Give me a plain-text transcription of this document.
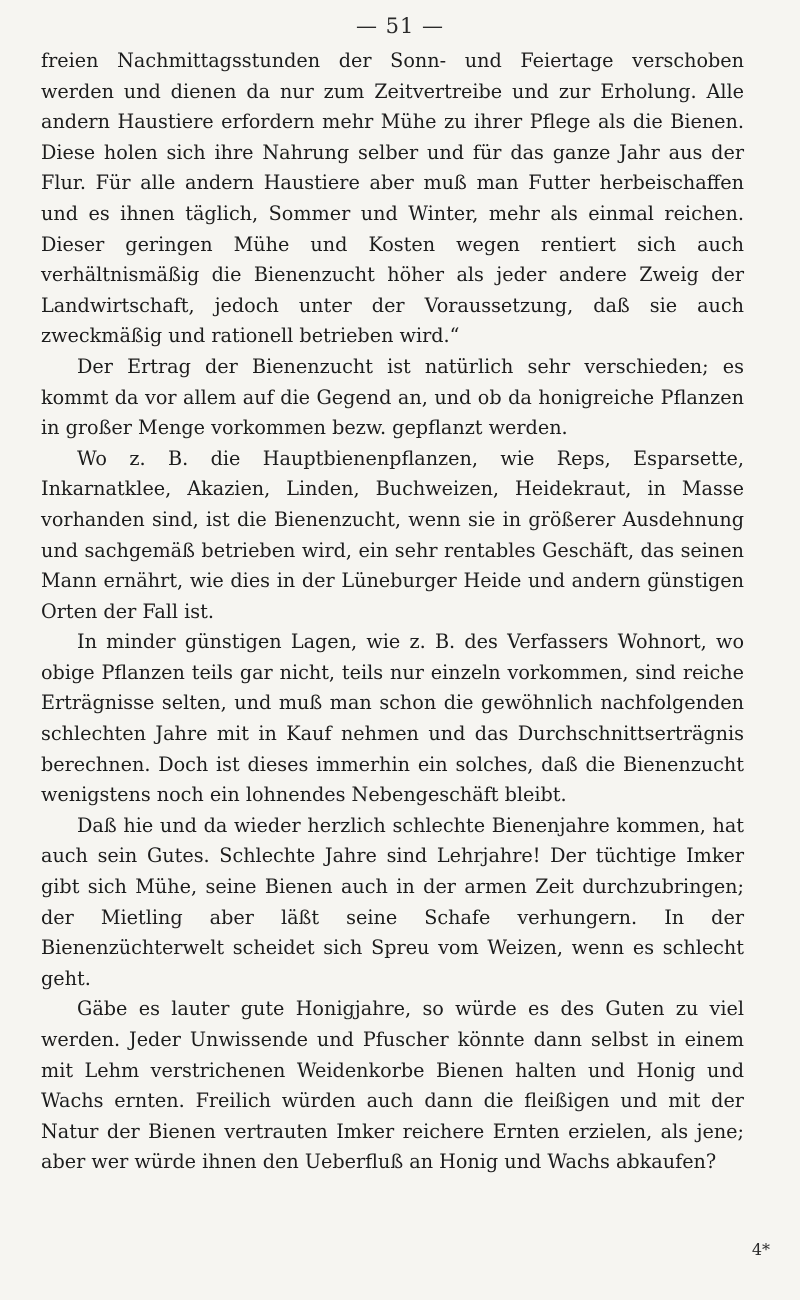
— 51 —

freien Nachmittagsstunden der Sonn- und Feiertage verschoben werden und dienen da nur zum Zeitvertreibe und zur Erholung. Alle andern Haustiere erfordern mehr Mühe zu ihrer Pflege als die Bienen. Diese holen sich ihre Nahrung selber und für das ganze Jahr aus der Flur. Für alle andern Haustiere aber muß man Futter herbeischaffen und es ihnen täglich, Sommer und Winter, mehr als einmal reichen. Dieser geringen Mühe und Kosten wegen rentiert sich auch verhältnismäßig die Bienenzucht höher als jeder andere Zweig der Landwirtschaft, jedoch unter der Voraussetzung, daß sie auch zweckmäßig und rationell betrieben wird.“

Der Ertrag der Bienenzucht ist natürlich sehr verschieden; es kommt da vor allem auf die Gegend an, und ob da honigreiche Pflanzen in großer Menge vorkommen bezw. gepflanzt werden.

Wo z. B. die Hauptbienenpflanzen, wie Reps, Esparsette, Inkarnatklee, Akazien, Linden, Buchweizen, Heidekraut, in Masse vorhanden sind, ist die Bienenzucht, wenn sie in größerer Ausdehnung und sachgemäß betrieben wird, ein sehr rentables Geschäft, das seinen Mann ernährt, wie dies in der Lüneburger Heide und andern günstigen Orten der Fall ist.

In minder günstigen Lagen, wie z. B. des Verfassers Wohnort, wo obige Pflanzen teils gar nicht, teils nur einzeln vorkommen, sind reiche Erträgnisse selten, und muß man schon die gewöhnlich nachfolgenden schlechten Jahre mit in Kauf nehmen und das Durchschnittserträgnis berechnen. Doch ist dieses immerhin ein solches, daß die Bienenzucht wenigstens noch ein lohnendes Nebengeschäft bleibt.

Daß hie und da wieder herzlich schlechte Bienenjahre kommen, hat auch sein Gutes. Schlechte Jahre sind Lehrjahre! Der tüchtige Imker gibt sich Mühe, seine Bienen auch in der armen Zeit durchzubringen; der Mietling aber läßt seine Schafe verhungern. In der Bienenzüchterwelt scheidet sich Spreu vom Weizen, wenn es schlecht geht.

Gäbe es lauter gute Honigjahre, so würde es des Guten zu viel werden. Jeder Unwissende und Pfuscher könnte dann selbst in einem mit Lehm verstrichenen Weidenkorbe Bienen halten und Honig und Wachs ernten. Freilich würden auch dann die fleißigen und mit der Natur der Bienen vertrauten Imker reichere Ernten erzielen, als jene; aber wer würde ihnen den Ueberfluß an Honig und Wachs abkaufen?

4*
